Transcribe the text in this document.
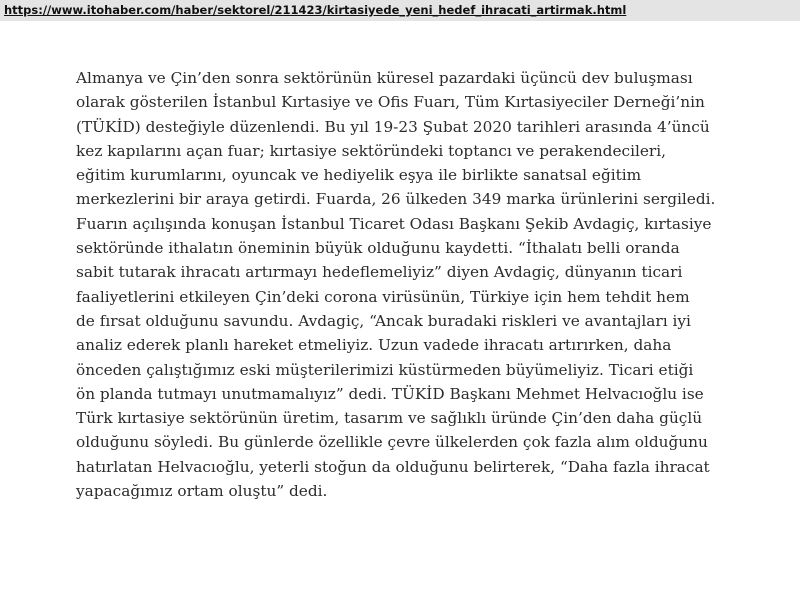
https://www.itohaber.com/haber/sektorel/211423/kirtasiyede_yeni_hedef_ihracati_artirmak.html
Almanya ve Çin’den sonra sektörünün küresel pazardaki üçüncü dev buluşması
olarak gösterilen İstanbul Kırtasiye ve Ofis Fuarı, Tüm Kırtasiyeciler Derneği’nin
(TÜKİD) desteğiyle düzenlendi. Bu yıl 19-23 Şubat 2020 tarihleri arasında 4’üncü
kez kapılarını açan fuar; kırtasiye sektöründeki toptancı ve perakendecileri,
eğitim kurumlarını, oyuncak ve hediyelik eşya ile birlikte sanatsal eğitim
merkezlerini bir araya getirdi. Fuarda, 26 ülkeden 349 marka ürünlerini sergiledi.
Fuarın açılışında konuşan İstanbul Ticaret Odası Başkanı Şekib Avdagiç, kırtasiye
sektöründe ithalatın öneminin büyük olduğunu kaydetti. “İthalatı belli oranda
sabit tutarak ihracatı artırmayı hedeflemeliyiz” diyen Avdagiç, dünyanın ticari
faaliyetlerini etkileyen Çin’deki corona virüsünün, Türkiye için hem tehdit hem
de fırsat olduğunu savundu. Avdagiç, “Ancak buradaki riskleri ve avantajları iyi
analiz ederek planlı hareket etmeliyiz. Uzun vadede ihracatı artırırken, daha
önceden çalıştığımız eski müşterilerimizi küstürmeden büyümeliyiz. Ticari etiği
ön planda tutmayı unutmamalıyız” dedi. TÜKİD Başkanı Mehmet Helvacıoğlu ise
Türk kırtasiye sektörünün üretim, tasarım ve sağlıklı üründe Çin’den daha güçlü
olduğunu söyledi. Bu günlerde özellikle çevre ülkelerden çok fazla alım olduğunu
hatırlatan Helvacıoğlu, yeterli stoğun da olduğunu belirterek, “Daha fazla ihracat
yapacağımız ortam oluştu” dedi.
